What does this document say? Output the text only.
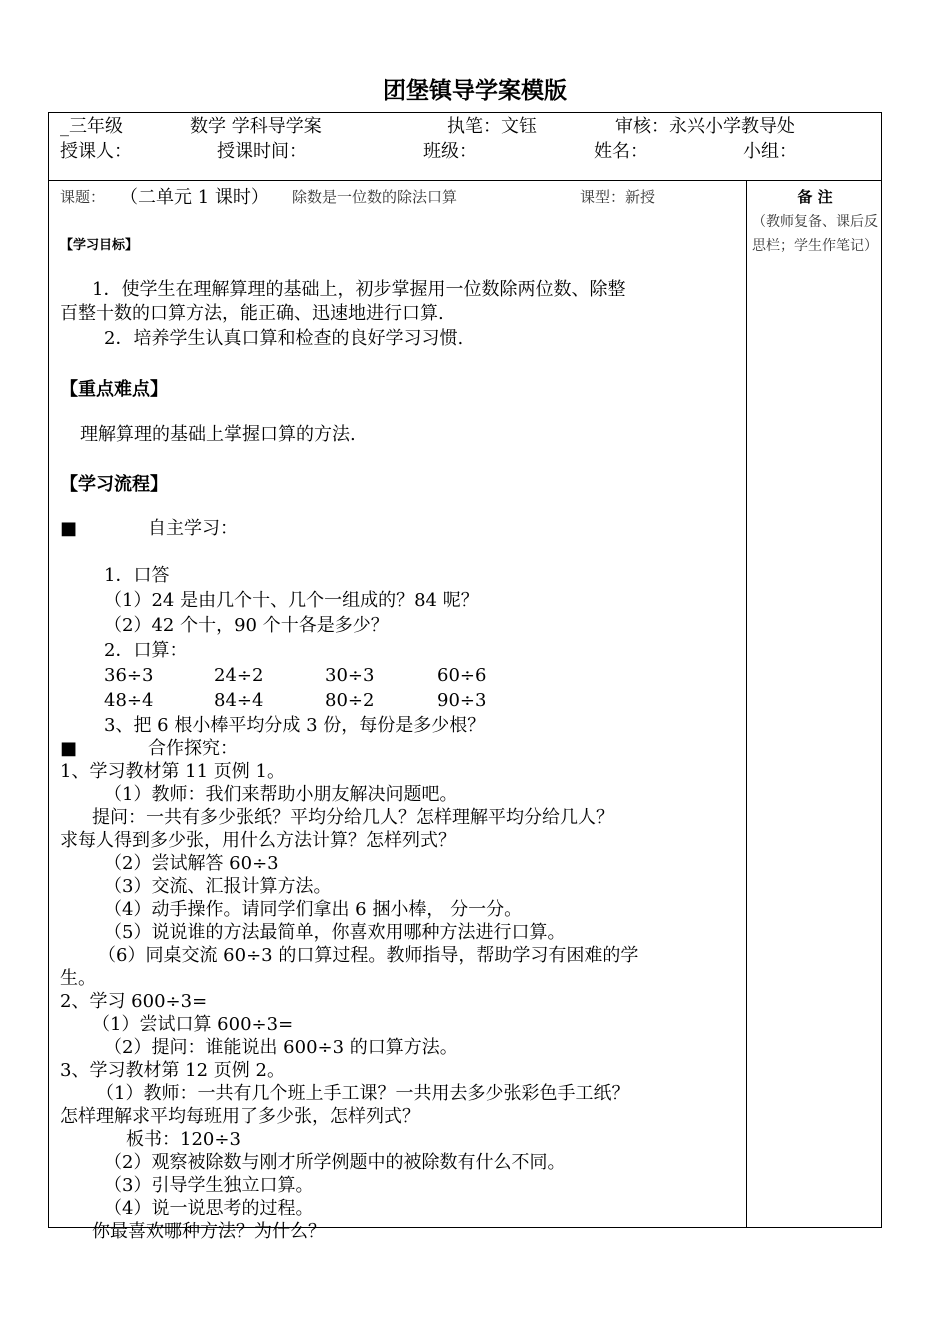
团堡镇导学案模版
_三年级	数学 学科导学案	执笔：文钰	审核：永兴小学教导处
授课人：	授课时间：	班级：	姓名：	小组：
课题： （二单元 1 课时） 除数是一位数的除法口算	课型：新授	备 注
（教师复备、课后反思栏；学生作笔记）
【学习目标】
1．使学生在理解算理的基础上，初步掌握用一位数除两位数、除整
百整十数的口算方法，能正确、迅速地进行口算.
2．培养学生认真口算和检查的良好学习习惯.
【重点难点】
理解算理的基础上掌握口算的方法.
【学习流程】
■	自主学习：
1．口答
（1）24 是由几个十、几个一组成的？84 呢？
（2）42 个十，90 个十各是多少？
2．口算：
36÷3	24÷2	30÷3	60÷6
48÷4	84÷4	80÷2	90÷3
3、把 6 根小棒平均分成 3 份，每份是多少根？
■	合作探究：
1、学习教材第 11 页例 1。
（1）教师：我们来帮助小朋友解决问题吧。
提问：一共有多少张纸？平均分给几人？怎样理解平均分给几人？
求每人得到多少张，用什么方法计算？怎样列式？
（2）尝试解答 60÷3
（3）交流、汇报计算方法。
（4）动手操作。请同学们拿出 6 捆小棒， 分一分。
（5）说说谁的方法最简单，你喜欢用哪种方法进行口算。
（6）同桌交流 60÷3 的口算过程。教师指导，帮助学习有困难的学
生。
2、学习 600÷3=
（1）尝试口算 600÷3=
（2）提问：谁能说出 600÷3 的口算方法。
3、学习教材第 12 页例 2。
（1）教师：一共有几个班上手工课？一共用去多少张彩色手工纸？
怎样理解求平均每班用了多少张，怎样列式？
板书：120÷3
（2）观察被除数与刚才所学例题中的被除数有什么不同。
（3）引导学生独立口算。
（4）说一说思考的过程。
你最喜欢哪种方法？为什么？
